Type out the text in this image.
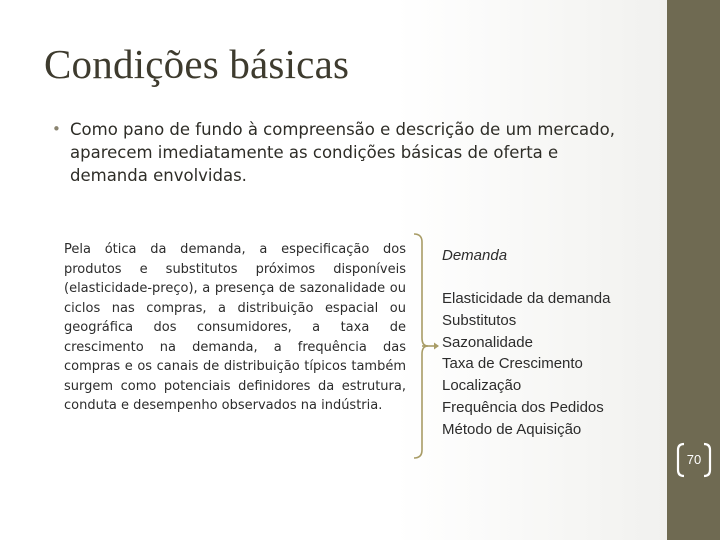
Condições básicas
• Como pano de fundo à compreensão e descrição de um mercado, aparecem imediatamente as condições básicas de oferta e demanda envolvidas.
Pela ótica da demanda, a especificação dos produtos e substitutos próximos disponíveis (elasticidade-preço), a presença de sazonalidade ou ciclos nas compras, a distribuição espacial ou geográfica dos consumidores, a taxa de crescimento na demanda, a frequência das compras e os canais de distribuição típicos também surgem como potenciais definidores da estrutura, conduta e desempenho observados na indústria.
Demanda
Elasticidade da demanda
Substitutos
Sazonalidade
Taxa de Crescimento
Localização
Frequência dos Pedidos
Método de Aquisição
70
